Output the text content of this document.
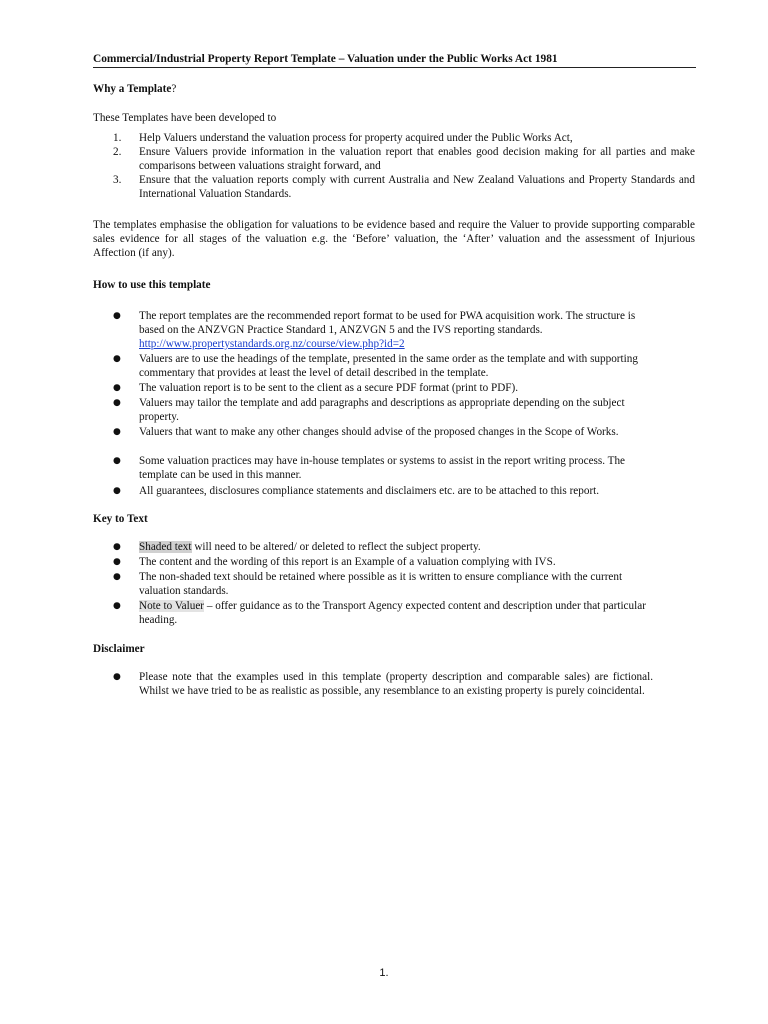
Commercial/Industrial Property Report Template – Valuation under the Public Works Act 1981
Why a Template?
These Templates have been developed to
1.	Help Valuers understand the valuation process for property acquired under the Public Works Act,
2.	Ensure Valuers provide information in the valuation report that enables good decision making for all parties and make comparisons between valuations straight forward, and
3.	Ensure that the valuation reports comply with current Australia and New Zealand Valuations and Property Standards and International Valuation Standards.
The templates emphasise the obligation for valuations to be evidence based and require the Valuer to provide supporting comparable sales evidence for all stages of the valuation e.g. the ‘Before’ valuation, the ‘After’ valuation and the assessment of Injurious Affection (if any).
How to use this template
●	The report templates are the recommended report format to be used for PWA acquisition work. The structure is based on the ANZVGN Practice Standard 1, ANZVGN 5 and the IVS reporting standards.
http://www.propertystandards.org.nz/course/view.php?id=2
●	Valuers are to use the headings of the template, presented in the same order as the template and with supporting commentary that provides at least the level of detail described in the template.
●	The valuation report is to be sent to the client as a secure PDF format (print to PDF).
●	Valuers may tailor the template and add paragraphs and descriptions as appropriate depending on the subject property.
●	Valuers that want to make any other changes should advise of the proposed changes in the Scope of Works.
●	Some valuation practices may have in-house templates or systems to assist in the report writing process. The template can be used in this manner.
●	All guarantees, disclosures compliance statements and disclaimers etc. are to be attached to this report.
Key to Text
●	Shaded text will need to be altered/ or deleted to reflect the subject property.
●	The content and the wording of this report is an Example of a valuation complying with IVS.
●	The non-shaded text should be retained where possible as it is written to ensure compliance with the current valuation standards.
●	Note to Valuer – offer guidance as to the Transport Agency expected content and description under that particular heading.
Disclaimer
●	Please note that the examples used in this template (property description and comparable sales) are fictional. Whilst we have tried to be as realistic as possible, any resemblance to an existing property is purely coincidental.
1.
